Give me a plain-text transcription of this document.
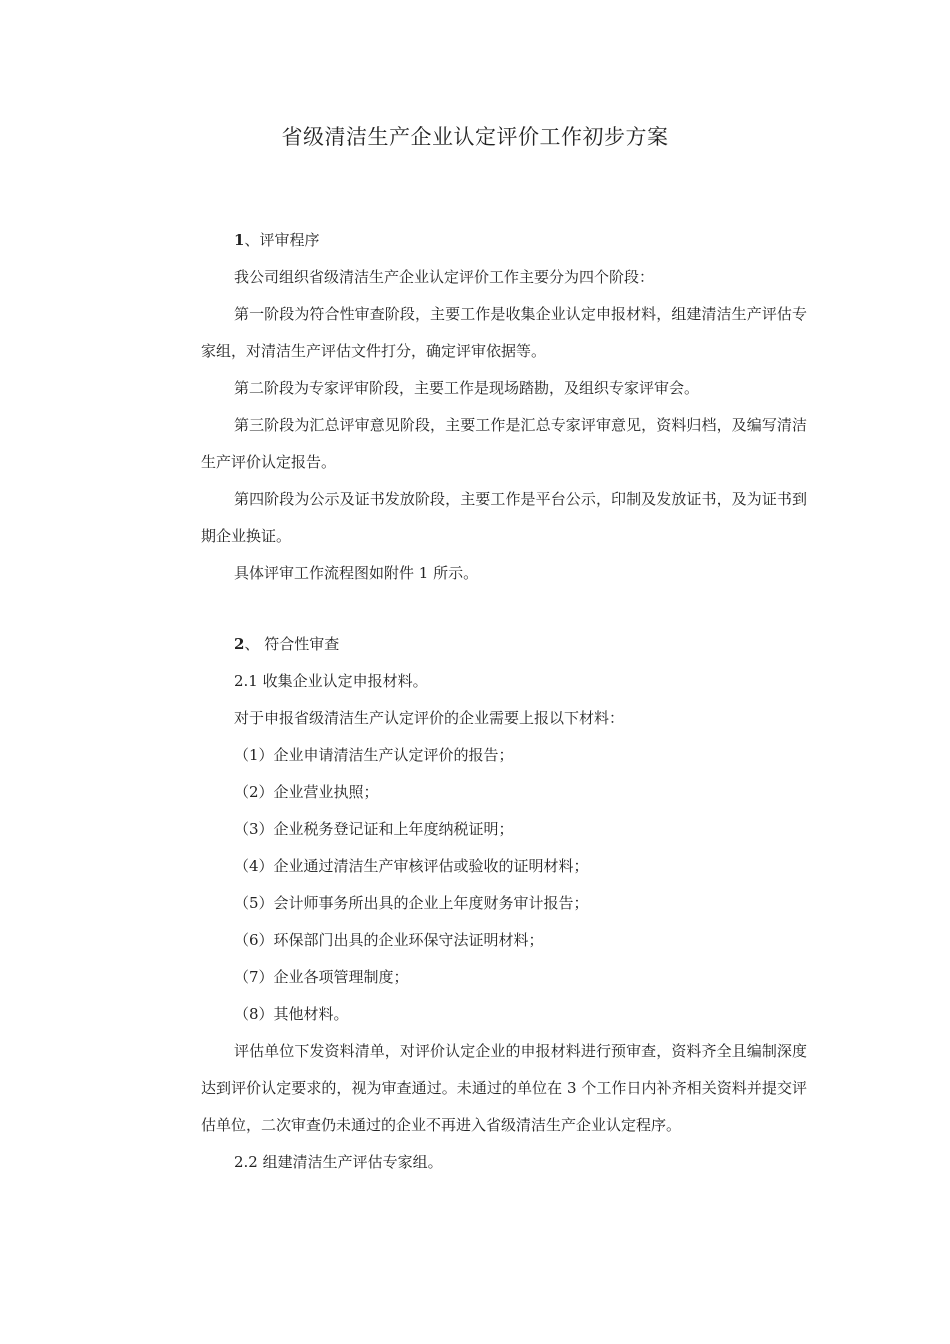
省级清洁生产企业认定评价工作初步方案

1、评审程序

我公司组织省级清洁生产企业认定评价工作主要分为四个阶段：

第一阶段为符合性审查阶段，主要工作是收集企业认定申报材料，组建清洁生产评估专家组，对清洁生产评估文件打分，确定评审依据等。

第二阶段为专家评审阶段，主要工作是现场踏勘，及组织专家评审会。

第三阶段为汇总评审意见阶段，主要工作是汇总专家评审意见，资料归档，及编写清洁生产评价认定报告。

第四阶段为公示及证书发放阶段，主要工作是平台公示，印制及发放证书，及为证书到期企业换证。

具体评审工作流程图如附件 1 所示。

2、 符合性审查

2.1 收集企业认定申报材料。

对于申报省级清洁生产认定评价的企业需要上报以下材料：

（1）企业申请清洁生产认定评价的报告；

（2）企业营业执照；

（3）企业税务登记证和上年度纳税证明；

（4）企业通过清洁生产审核评估或验收的证明材料；

（5）会计师事务所出具的企业上年度财务审计报告；

（6）环保部门出具的企业环保守法证明材料；

（7）企业各项管理制度；

（8）其他材料。

评估单位下发资料清单，对评价认定企业的申报材料进行预审查，资料齐全且编制深度达到评价认定要求的，视为审查通过。未通过的单位在 3 个工作日内补齐相关资料并提交评估单位，二次审查仍未通过的企业不再进入省级清洁生产企业认定程序。

2.2 组建清洁生产评估专家组。
